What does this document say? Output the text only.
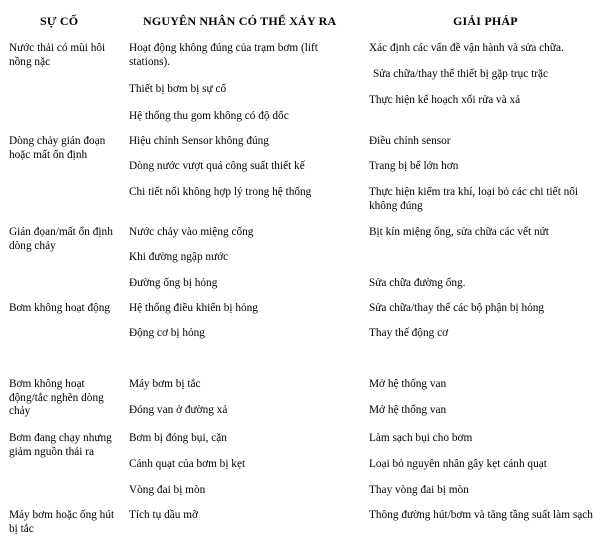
SỰ CỐ	NGUYÊN NHÂN CÓ THỂ XẢY RA	GIẢI PHÁP
Nước thải có mùi hôi nồng nặc
Dòng chảy gián đoạn hoặc mất ổn định
Gián đọan/mất ổn định dòng chảy
Bơm không hoạt động
Bơm không hoạt động/tắc nghẽn dòng chảy
Bơm đang chạy nhưng giảm nguồn thải ra
Máy bơm hoặc ống hút bị tắc
Hoạt động không đúng của trạm bơm (lift stations).
Thiết bị bơm bị sự cố
Hệ thống thu gom không có độ dốc
Hiệu chỉnh Sensor không đúng
Dòng nước vượt quá công suất thiết kế
Chi tiết nối không hợp lý trong hệ thống
Nước chảy vào miệng cống
Khi đường ngập nước
Đường ống bị hỏng
Hệ thống điều khiển bị hỏng
Động cơ bị hỏng
Máy bơm bị tắc
Đóng van ở đường xả
Bơm bị đóng bụi, cặn
Cánh quạt của bơm bị kẹt
Vòng đai bị mòn
Tích tụ dầu mỡ
Xác định các vấn đề vận hành và sửa chữa.
Sửa chữa/thay thế thiết bị gặp trục trặc
Thực hiện kế hoạch xối rửa và xả
Điều chỉnh sensor
Trang bị bể lớn hơn
Thực hiện kiểm tra khí, loại bỏ các chi tiết nối không đúng
Bịt kín miệng ống, sửa chữa các vết nứt
Sửa chữa đường ống.
Sửa chữa/thay thế các bộ phận bị hỏng
Thay thế động cơ
Mở hệ thống van
Mở hệ thống van
Làm sạch bụi cho bơm
Loại bỏ nguyên nhân gây kẹt cánh quạt
Thay vòng đai bị mòn
Thông đường hút/bơm và tăng tầng suất làm sạch
